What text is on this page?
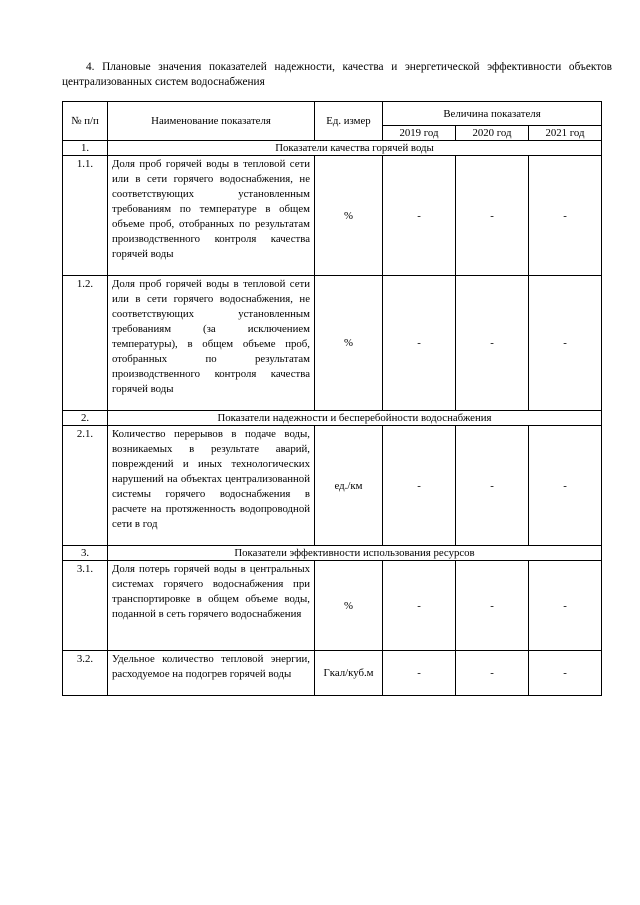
4. Плановые значения показателей надежности, качества и энергетической эффективности объектов централизованных систем водоснабжения
№ п/п	Наименование показателя	Ед. измер	Величина показателя		
			2019 год	2020 год	2021 год
1.	Показатели качества горячей воды				
1.1.	Доля проб горячей воды в тепловой сети или в сети горячего водоснабжения, не соответствующих установленным требованиям по температуре в общем объеме проб, отобранных по результатам производственного контроля качества горячей воды	%	-	-	-
1.2.	Доля проб горячей воды в тепловой сети или в сети горячего водоснабжения, не соответствующих установленным требованиям (за исключением температуры), в общем объеме проб, отобранных по результатам производственного контроля качества горячей воды	%	-	-	-
2.	Показатели надежности и бесперебойности водоснабжения				
2.1.	Количество перерывов в подаче воды, возникаемых в результате аварий, повреждений и иных технологических нарушений на объектах централизованной системы горячего водоснабжения в расчете на протяженность водопроводной сети в год	ед./км	-	-	-
3.	Показатели эффективности использования ресурсов				
3.1.	Доля потерь горячей воды в центральных системах горячего водоснабжения при транспортировке в общем объеме воды, поданной в сеть горячего водоснабжения	%	-	-	-
3.2.	Удельное количество тепловой энергии, расходуемое на подогрев горячей воды	Гкал/куб.м	-	-	-
